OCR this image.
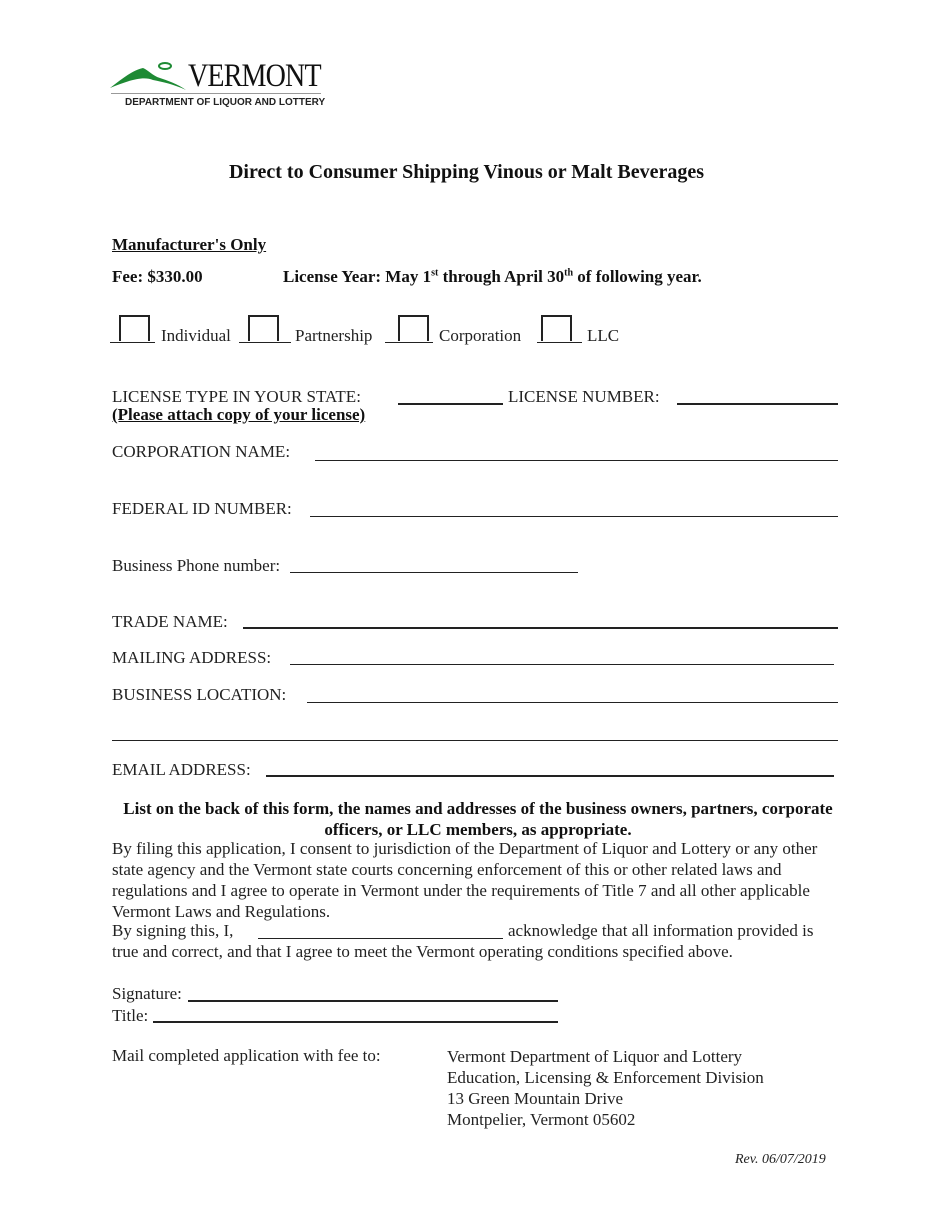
VERMONT
DEPARTMENT OF LIQUOR AND LOTTERY
Direct to Consumer Shipping Vinous or Malt Beverages
Manufacturer's Only
Fee: $330.00	License Year: May 1st through April 30th of following year.
Individual	Partnership	Corporation	LLC
LICENSE TYPE IN YOUR STATE:	LICENSE NUMBER:
(Please attach copy of your license)
CORPORATION NAME:
FEDERAL ID NUMBER:
Business Phone number:
TRADE NAME:
MAILING ADDRESS:
BUSINESS LOCATION:
EMAIL ADDRESS:
List on the back of this form, the names and addresses of the business owners, partners, corporate officers, or LLC members, as appropriate.
By filing this application, I consent to jurisdiction of the Department of Liquor and Lottery or any other state agency and the Vermont state courts concerning enforcement of this or other related laws and regulations and I agree to operate in Vermont under the requirements of Title 7 and all other applicable Vermont Laws and Regulations.
By signing this, I,	acknowledge that all information provided is
true and correct, and that I agree to meet the Vermont operating conditions specified above.
Signature:
Title:
Mail completed application with fee to:	Vermont Department of Liquor and Lottery
Education, Licensing & Enforcement Division
13 Green Mountain Drive
Montpelier, Vermont 05602
Rev. 06/07/2019
